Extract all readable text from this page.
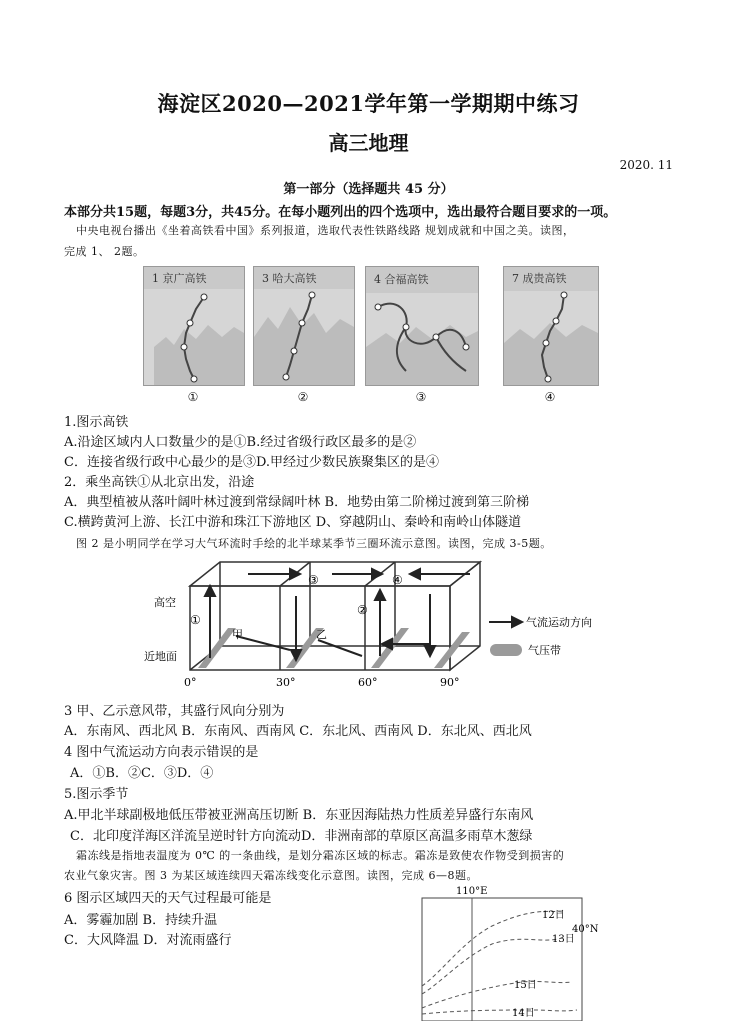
海淀区2020—2021学年第一学期期中练习
高三地理
2020. 11
第一部分（选择题共 45 分）
本部分共15题，每题3分，共45分。在每小题列出的四个选项中，选出最符合题目要求的一项。
中央电视台播出《坐着高铁看中国》系列报道，选取代表性铁路线路 规划成就和中国之美。读图，
完成 1、 2题。
1 京广高铁	3 哈大高铁	4 合福高铁	7 成贵高铁
①	②	③	④
1.图示高铁
A.沿途区域内人口数量少的是①B.经过省级行政区最多的是②
C．连接省级行政中心最少的是③D.甲经过少数民族聚集区的是④
2．乘坐高铁①从北京出发，沿途
A．典型植被从落叶阔叶林过渡到常绿阔叶林 B．地势由第二阶梯过渡到第三阶梯
C.横跨黄河上游、长江中游和珠江下游地区 D、穿越阴山、秦岭和南岭山体隧道
图 2 是小明同学在学习大气环流时手绘的北半球某季节三圈环流示意图。读图，完成 3-5题。
高空
近地面
0°	30°	60°	90°
甲	乙
①
②
③	④
气流运动方向
气压带
3 甲、乙示意风带，其盛行风向分别为
A．东南风、西北风 B．东南风、西南风 C．东北风、西南风 D．东北风、西北风
4 图中气流运动方向表示错误的是
A．①B．②C．③D．④
5.图示季节
A.甲北半球副极地低压带被亚洲高压切断 B．东亚因海陆热力性质差异盛行东南风
C．北印度洋海区洋流呈逆时针方向流动D．非洲南部的草原区高温多雨草木葱绿
霜冻线是指地表温度为 0℃ 的一条曲线，是划分霜冻区域的标志。霜冻是致使农作物受到损害的
农业气象灾害。图 3 为某区域连续四天霜冻线变化示意图。读图，完成 6—8题。
6 图示区域四天的天气过程最可能是
A．雾霾加剧 B．持续升温
C．大风降温 D．对流雨盛行
110°E
12日
13日
40°N
15日
14日
